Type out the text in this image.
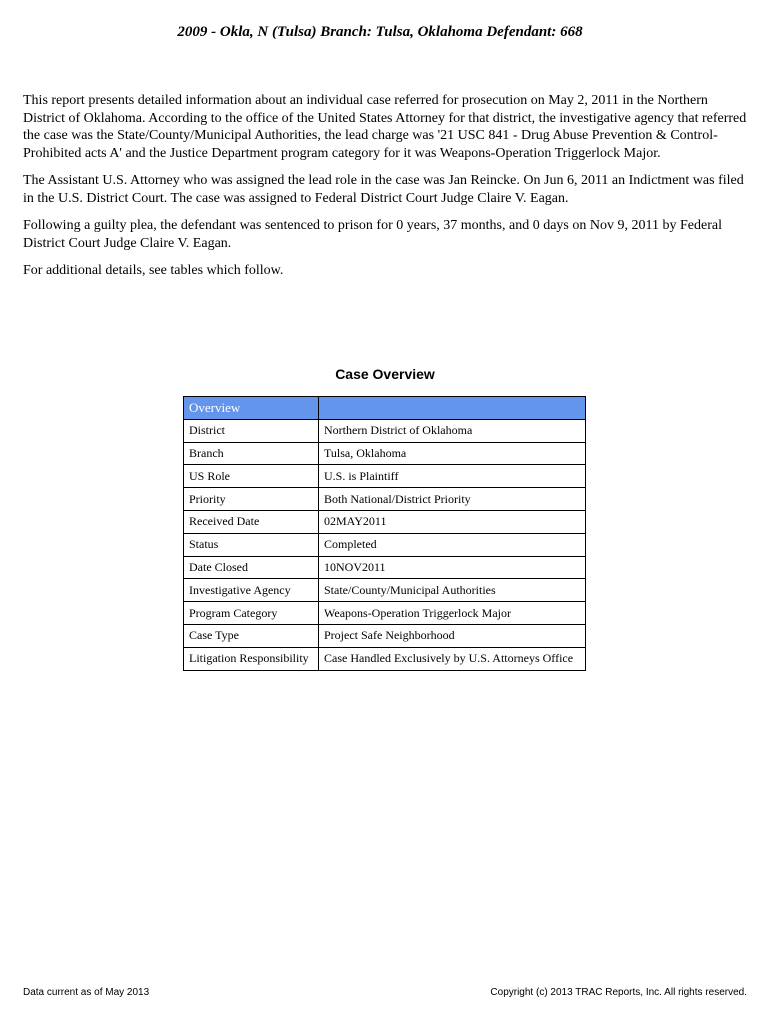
2009 - Okla, N (Tulsa) Branch: Tulsa, Oklahoma Defendant: 668

This report presents detailed information about an individual case referred for prosecution on May 2, 2011 in the Northern District of Oklahoma. According to the office of the United States Attorney for that district, the investigative agency that referred the case was the State/County/Municipal Authorities, the lead charge was '21 USC 841 - Drug Abuse Prevention & Control-Prohibited acts A' and the Justice Department program category for it was Weapons-Operation Triggerlock Major.

The Assistant U.S. Attorney who was assigned the lead role in the case was Jan Reincke. On Jun 6, 2011 an Indictment was filed in the U.S. District Court. The case was assigned to Federal District Court Judge Claire V. Eagan.

Following a guilty plea, the defendant was sentenced to prison for 0 years, 37 months, and 0 days on Nov 9, 2011 by Federal District Court Judge Claire V. Eagan.

For additional details, see tables which follow.

Case Overview
Overview	
District	Northern District of Oklahoma
Branch	Tulsa, Oklahoma
US Role	U.S. is Plaintiff
Priority	Both National/District Priority
Received Date	02MAY2011
Status	Completed
Date Closed	10NOV2011
Investigative Agency	State/County/Municipal Authorities
Program Category	Weapons-Operation Triggerlock Major
Case Type	Project Safe Neighborhood
Litigation Responsibility	Case Handled Exclusively by U.S. Attorneys Office
Data current as of May 2013	Copyright (c) 2013 TRAC Reports, Inc. All rights reserved.
